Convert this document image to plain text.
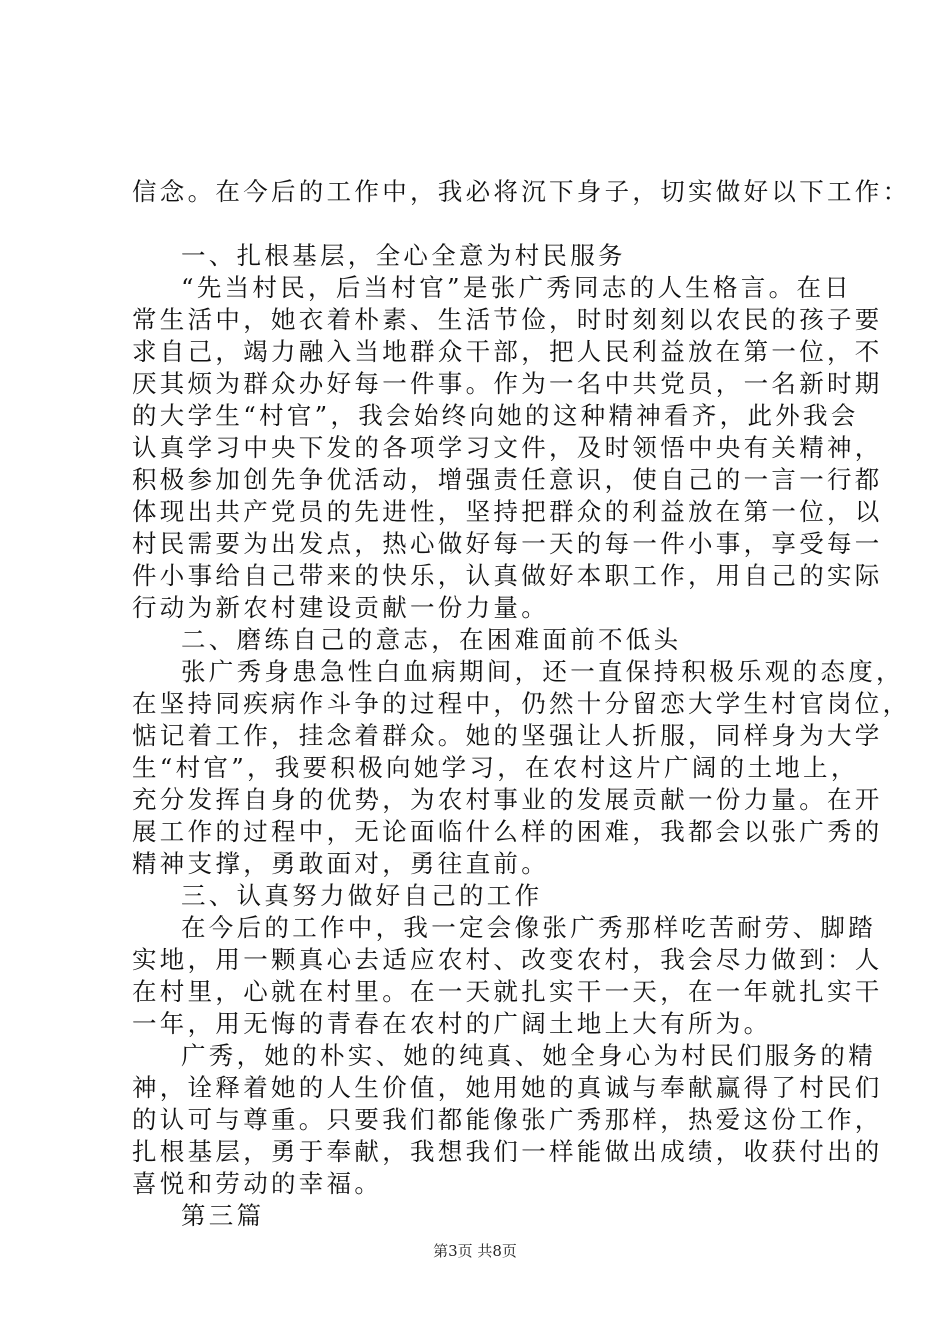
信念。在今后的工作中，我必将沉下身子，切实做好以下工作：
一、扎根基层，全心全意为村民服务
“先当村民，后当村官”是张广秀同志的人生格言。在日
常生活中，她衣着朴素、生活节俭，时时刻刻以农民的孩子要
求自己，竭力融入当地群众干部，把人民利益放在第一位，不
厌其烦为群众办好每一件事。作为一名中共党员，一名新时期
的大学生“村官”，我会始终向她的这种精神看齐，此外我会
认真学习中央下发的各项学习文件，及时领悟中央有关精神，
积极参加创先争优活动，增强责任意识，使自己的一言一行都
体现出共产党员的先进性，坚持把群众的利益放在第一位，以
村民需要为出发点，热心做好每一天的每一件小事，享受每一
件小事给自己带来的快乐，认真做好本职工作，用自己的实际
行动为新农村建设贡献一份力量。
二、磨练自己的意志，在困难面前不低头
张广秀身患急性白血病期间，还一直保持积极乐观的态度，
在坚持同疾病作斗争的过程中，仍然十分留恋大学生村官岗位，
惦记着工作，挂念着群众。她的坚强让人折服，同样身为大学
生“村官”，我要积极向她学习，在农村这片广阔的土地上，
充分发挥自身的优势，为农村事业的发展贡献一份力量。在开
展工作的过程中，无论面临什么样的困难，我都会以张广秀的
精神支撑，勇敢面对，勇往直前。
三、认真努力做好自己的工作
在今后的工作中，我一定会像张广秀那样吃苦耐劳、脚踏
实地，用一颗真心去适应农村、改变农村，我会尽力做到：人
在村里，心就在村里。在一天就扎实干一天，在一年就扎实干
一年，用无悔的青春在农村的广阔土地上大有所为。
广秀，她的朴实、她的纯真、她全身心为村民们服务的精
神，诠释着她的人生价值，她用她的真诚与奉献赢得了村民们
的认可与尊重。只要我们都能像张广秀那样，热爱这份工作，
扎根基层，勇于奉献，我想我们一样能做出成绩，收获付出的
喜悦和劳动的幸福。
第三篇
第3页 共8页
